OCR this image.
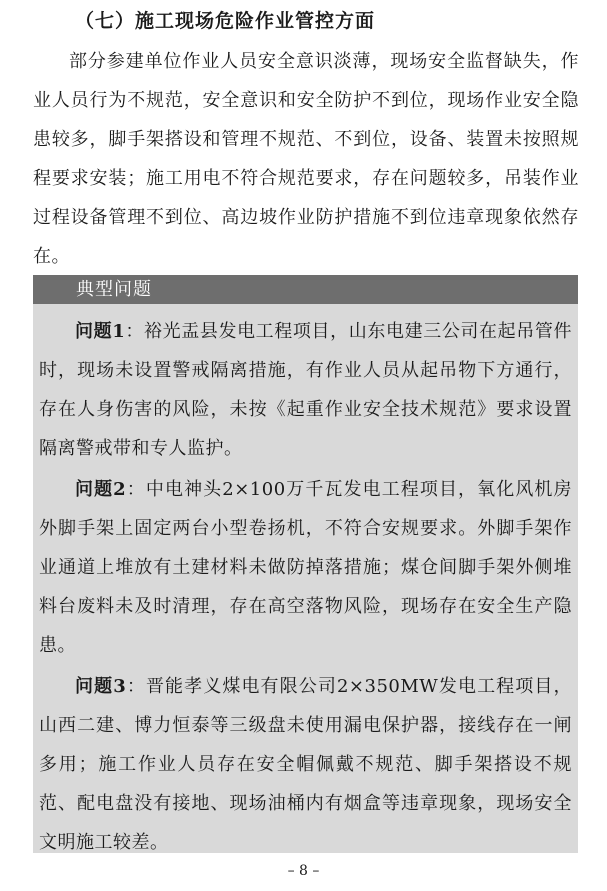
（七）施工现场危险作业管控方面

部分参建单位作业人员安全意识淡薄，现场安全监督缺失，作业人员行为不规范，安全意识和安全防护不到位，现场作业安全隐患较多，脚手架搭设和管理不规范、不到位，设备、装置未按照规程要求安装；施工用电不符合规范要求，存在问题较多，吊装作业过程设备管理不到位、高边坡作业防护措施不到位违章现象依然存在。

典型问题

问题1：裕光盂县发电工程项目，山东电建三公司在起吊管件时，现场未设置警戒隔离措施，有作业人员从起吊物下方通行，存在人身伤害的风险，未按《起重作业安全技术规范》要求设置隔离警戒带和专人监护。

问题2：中电神头2×100万千瓦发电工程项目，氧化风机房外脚手架上固定两台小型卷扬机，不符合安规要求。外脚手架作业通道上堆放有土建材料未做防掉落措施；煤仓间脚手架外侧堆料台废料未及时清理，存在高空落物风险，现场存在安全生产隐患。

问题3：晋能孝义煤电有限公司2×350MW发电工程项目，山西二建、博力恒泰等三级盘未使用漏电保护器，接线存在一闸多用；施工作业人员存在安全帽佩戴不规范、脚手架搭设不规范、配电盘没有接地、现场油桶内有烟盒等违章现象，现场安全文明施工较差。

– 8 –
